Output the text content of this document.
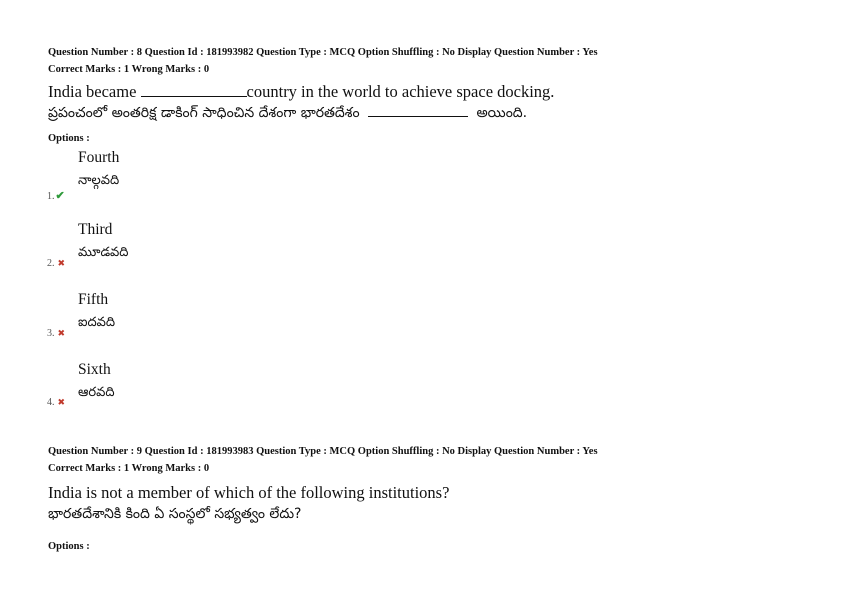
Question Number : 8 Question Id : 181993982 Question Type : MCQ Option Shuffling : No Display Question Number : Yes
Correct Marks : 1 Wrong Marks : 0
India became	country in the world to achieve space docking.
ప్రపంచంలో అంతరిక్ష డాకింగ్ సాధించిన దేశంగా భారతదేశం	అయింది.
Options :
Fourth
నాల్గవది
1.✔
Third
మూడవది
2. ✖
Fifth
ఐదవది
3. ✖
Sixth
ఆరవది
4. ✖
Question Number : 9 Question Id : 181993983 Question Type : MCQ Option Shuffling : No Display Question Number : Yes
Correct Marks : 1 Wrong Marks : 0
India is not a member of which of the following institutions?
భారతదేశానికి కింది ఏ సంస్థలో సభ్యత్వం లేదు?
Options :
